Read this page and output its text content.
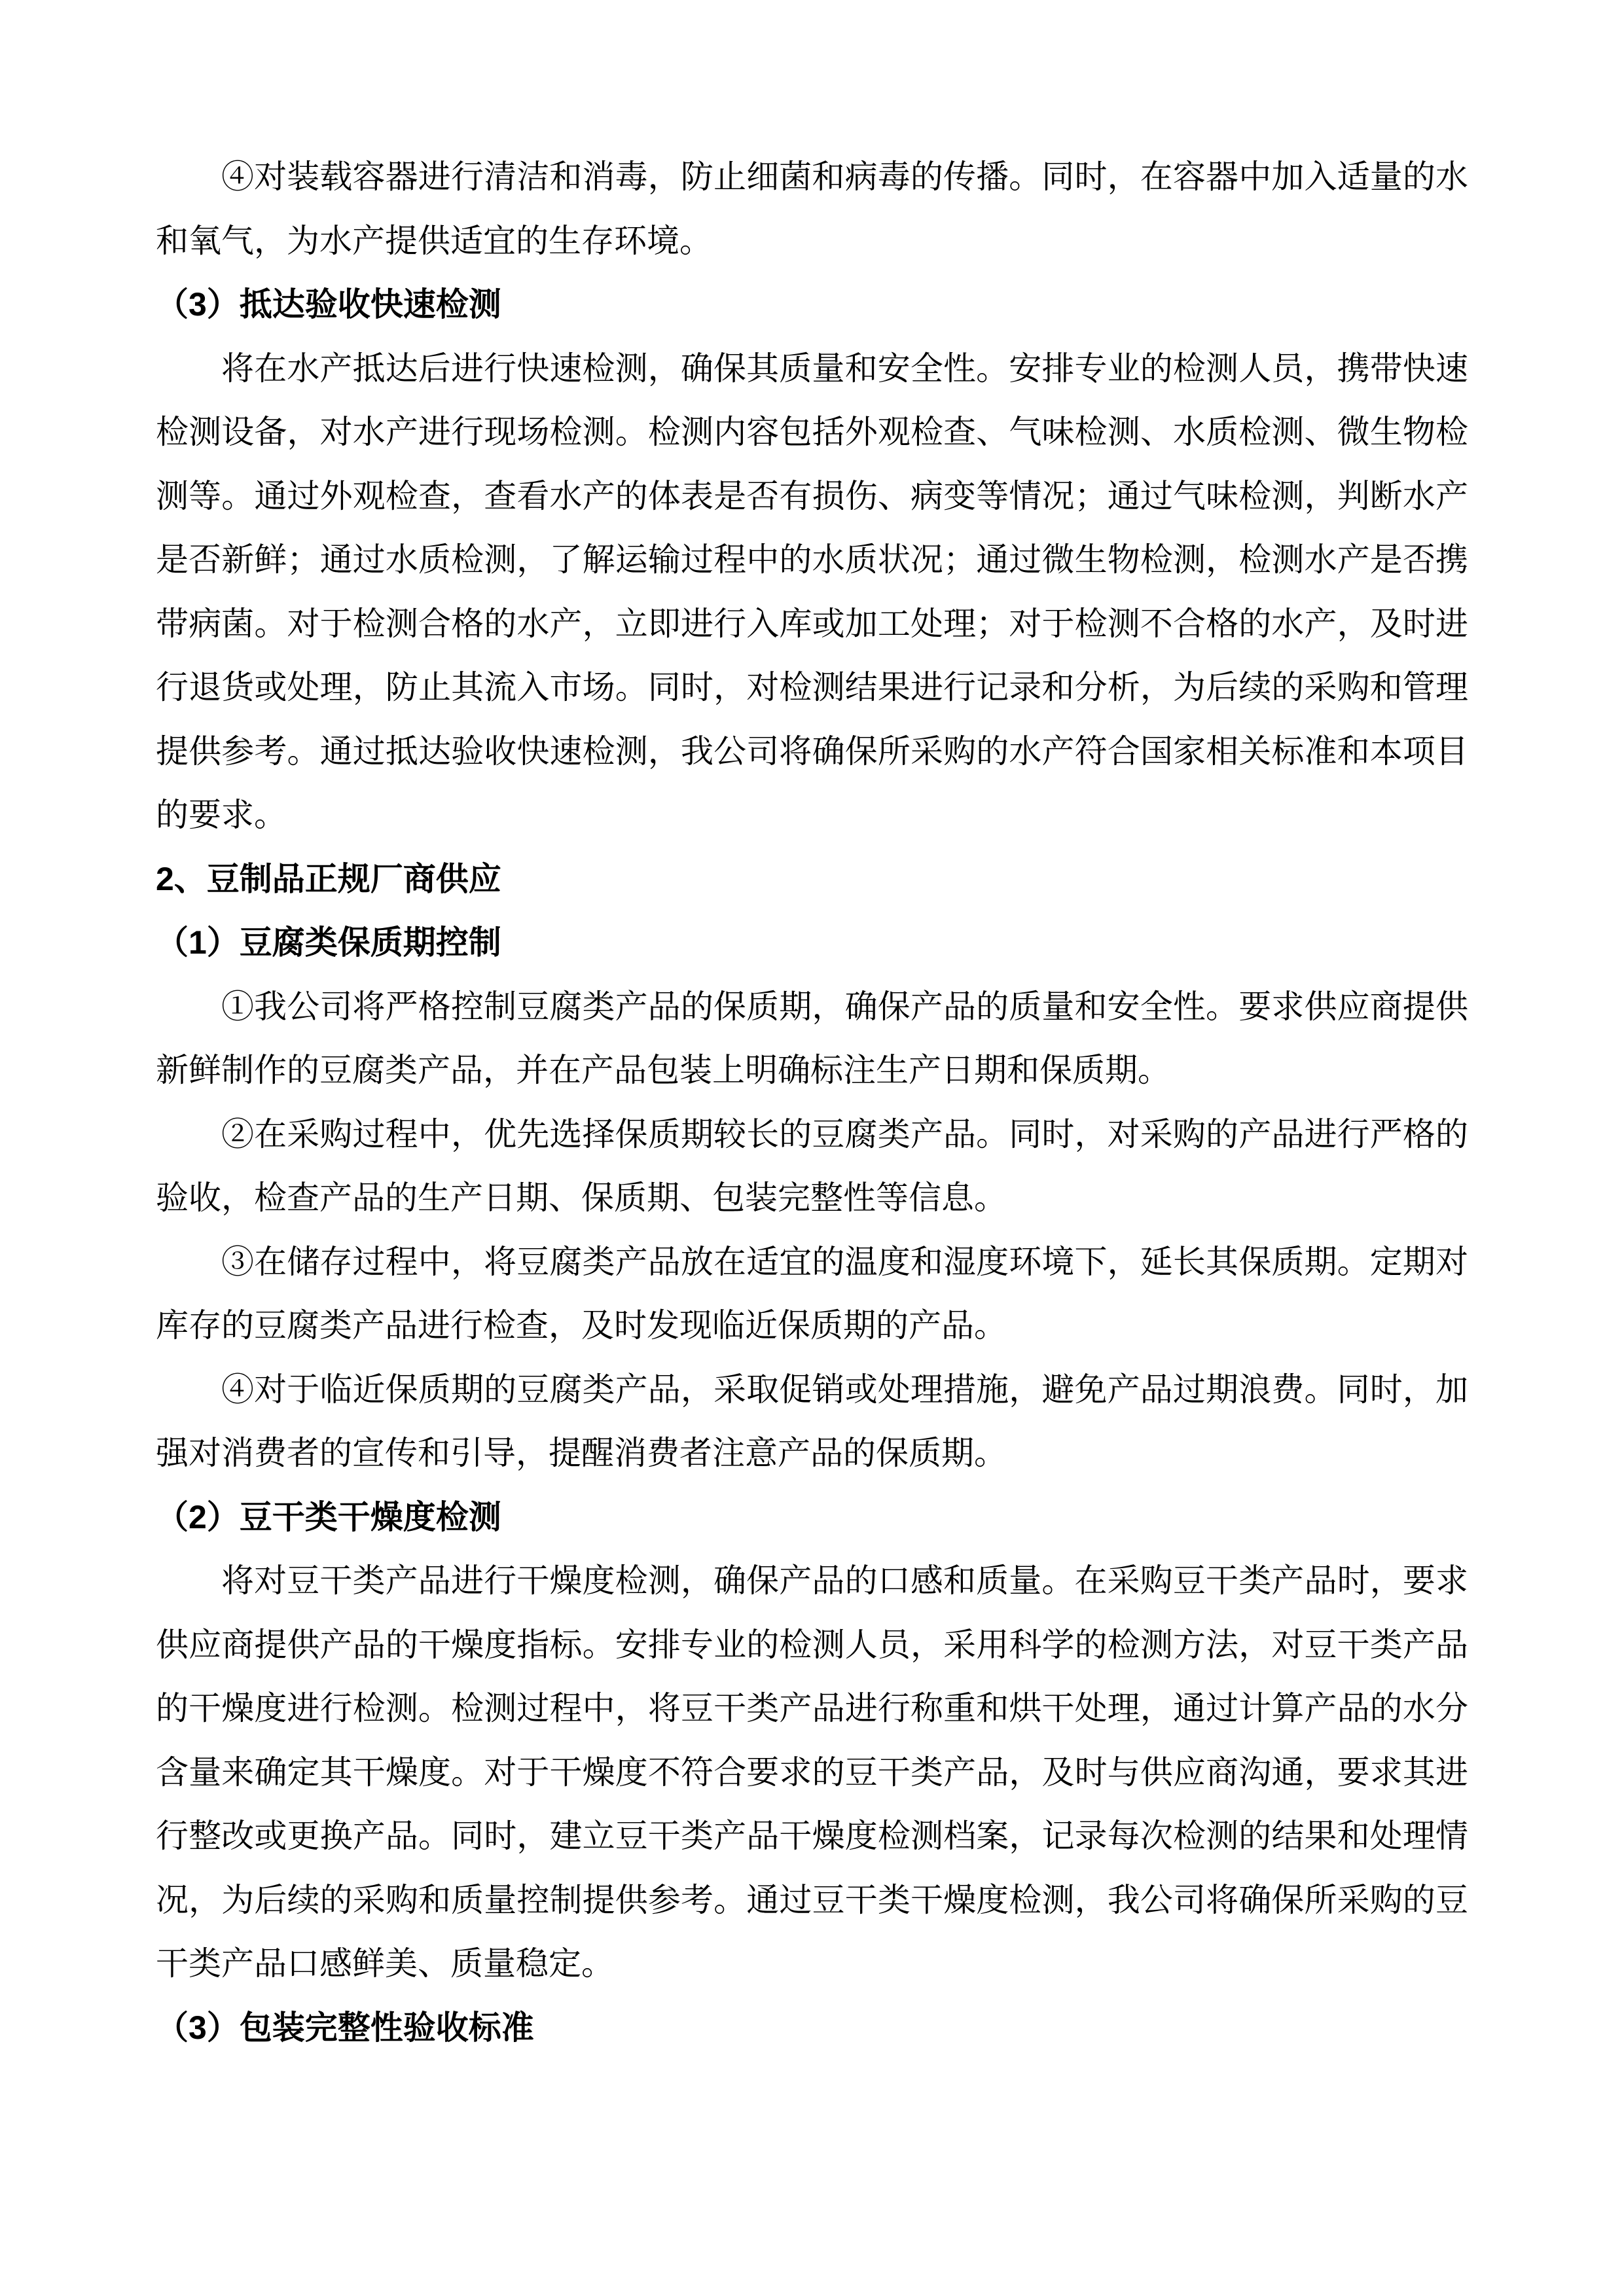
④对装载容器进行清洁和消毒，防止细菌和病毒的传播。同时，在容器中加入适量的水和氧气，为水产提供适宜的生存环境。

（3）抵达验收快速检测

将在水产抵达后进行快速检测，确保其质量和安全性。安排专业的检测人员，携带快速检测设备，对水产进行现场检测。检测内容包括外观检查、气味检测、水质检测、微生物检测等。通过外观检查，查看水产的体表是否有损伤、病变等情况；通过气味检测，判断水产是否新鲜；通过水质检测，了解运输过程中的水质状况；通过微生物检测，检测水产是否携带病菌。对于检测合格的水产，立即进行入库或加工处理；对于检测不合格的水产，及时进行退货或处理，防止其流入市场。同时，对检测结果进行记录和分析，为后续的采购和管理提供参考。通过抵达验收快速检测，我公司将确保所采购的水产符合国家相关标准和本项目的要求。

2、豆制品正规厂商供应
（1）豆腐类保质期控制

①我公司将严格控制豆腐类产品的保质期，确保产品的质量和安全性。要求供应商提供新鲜制作的豆腐类产品，并在产品包装上明确标注生产日期和保质期。

②在采购过程中，优先选择保质期较长的豆腐类产品。同时，对采购的产品进行严格的验收，检查产品的生产日期、保质期、包装完整性等信息。

③在储存过程中，将豆腐类产品放在适宜的温度和湿度环境下，延长其保质期。定期对库存的豆腐类产品进行检查，及时发现临近保质期的产品。

④对于临近保质期的豆腐类产品，采取促销或处理措施，避免产品过期浪费。同时，加强对消费者的宣传和引导，提醒消费者注意产品的保质期。

（2）豆干类干燥度检测

将对豆干类产品进行干燥度检测，确保产品的口感和质量。在采购豆干类产品时，要求供应商提供产品的干燥度指标。安排专业的检测人员，采用科学的检测方法，对豆干类产品的干燥度进行检测。检测过程中，将豆干类产品进行称重和烘干处理，通过计算产品的水分含量来确定其干燥度。对于干燥度不符合要求的豆干类产品，及时与供应商沟通，要求其进行整改或更换产品。同时，建立豆干类产品干燥度检测档案，记录每次检测的结果和处理情况，为后续的采购和质量控制提供参考。通过豆干类干燥度检测，我公司将确保所采购的豆干类产品口感鲜美、质量稳定。

（3）包装完整性验收标准
